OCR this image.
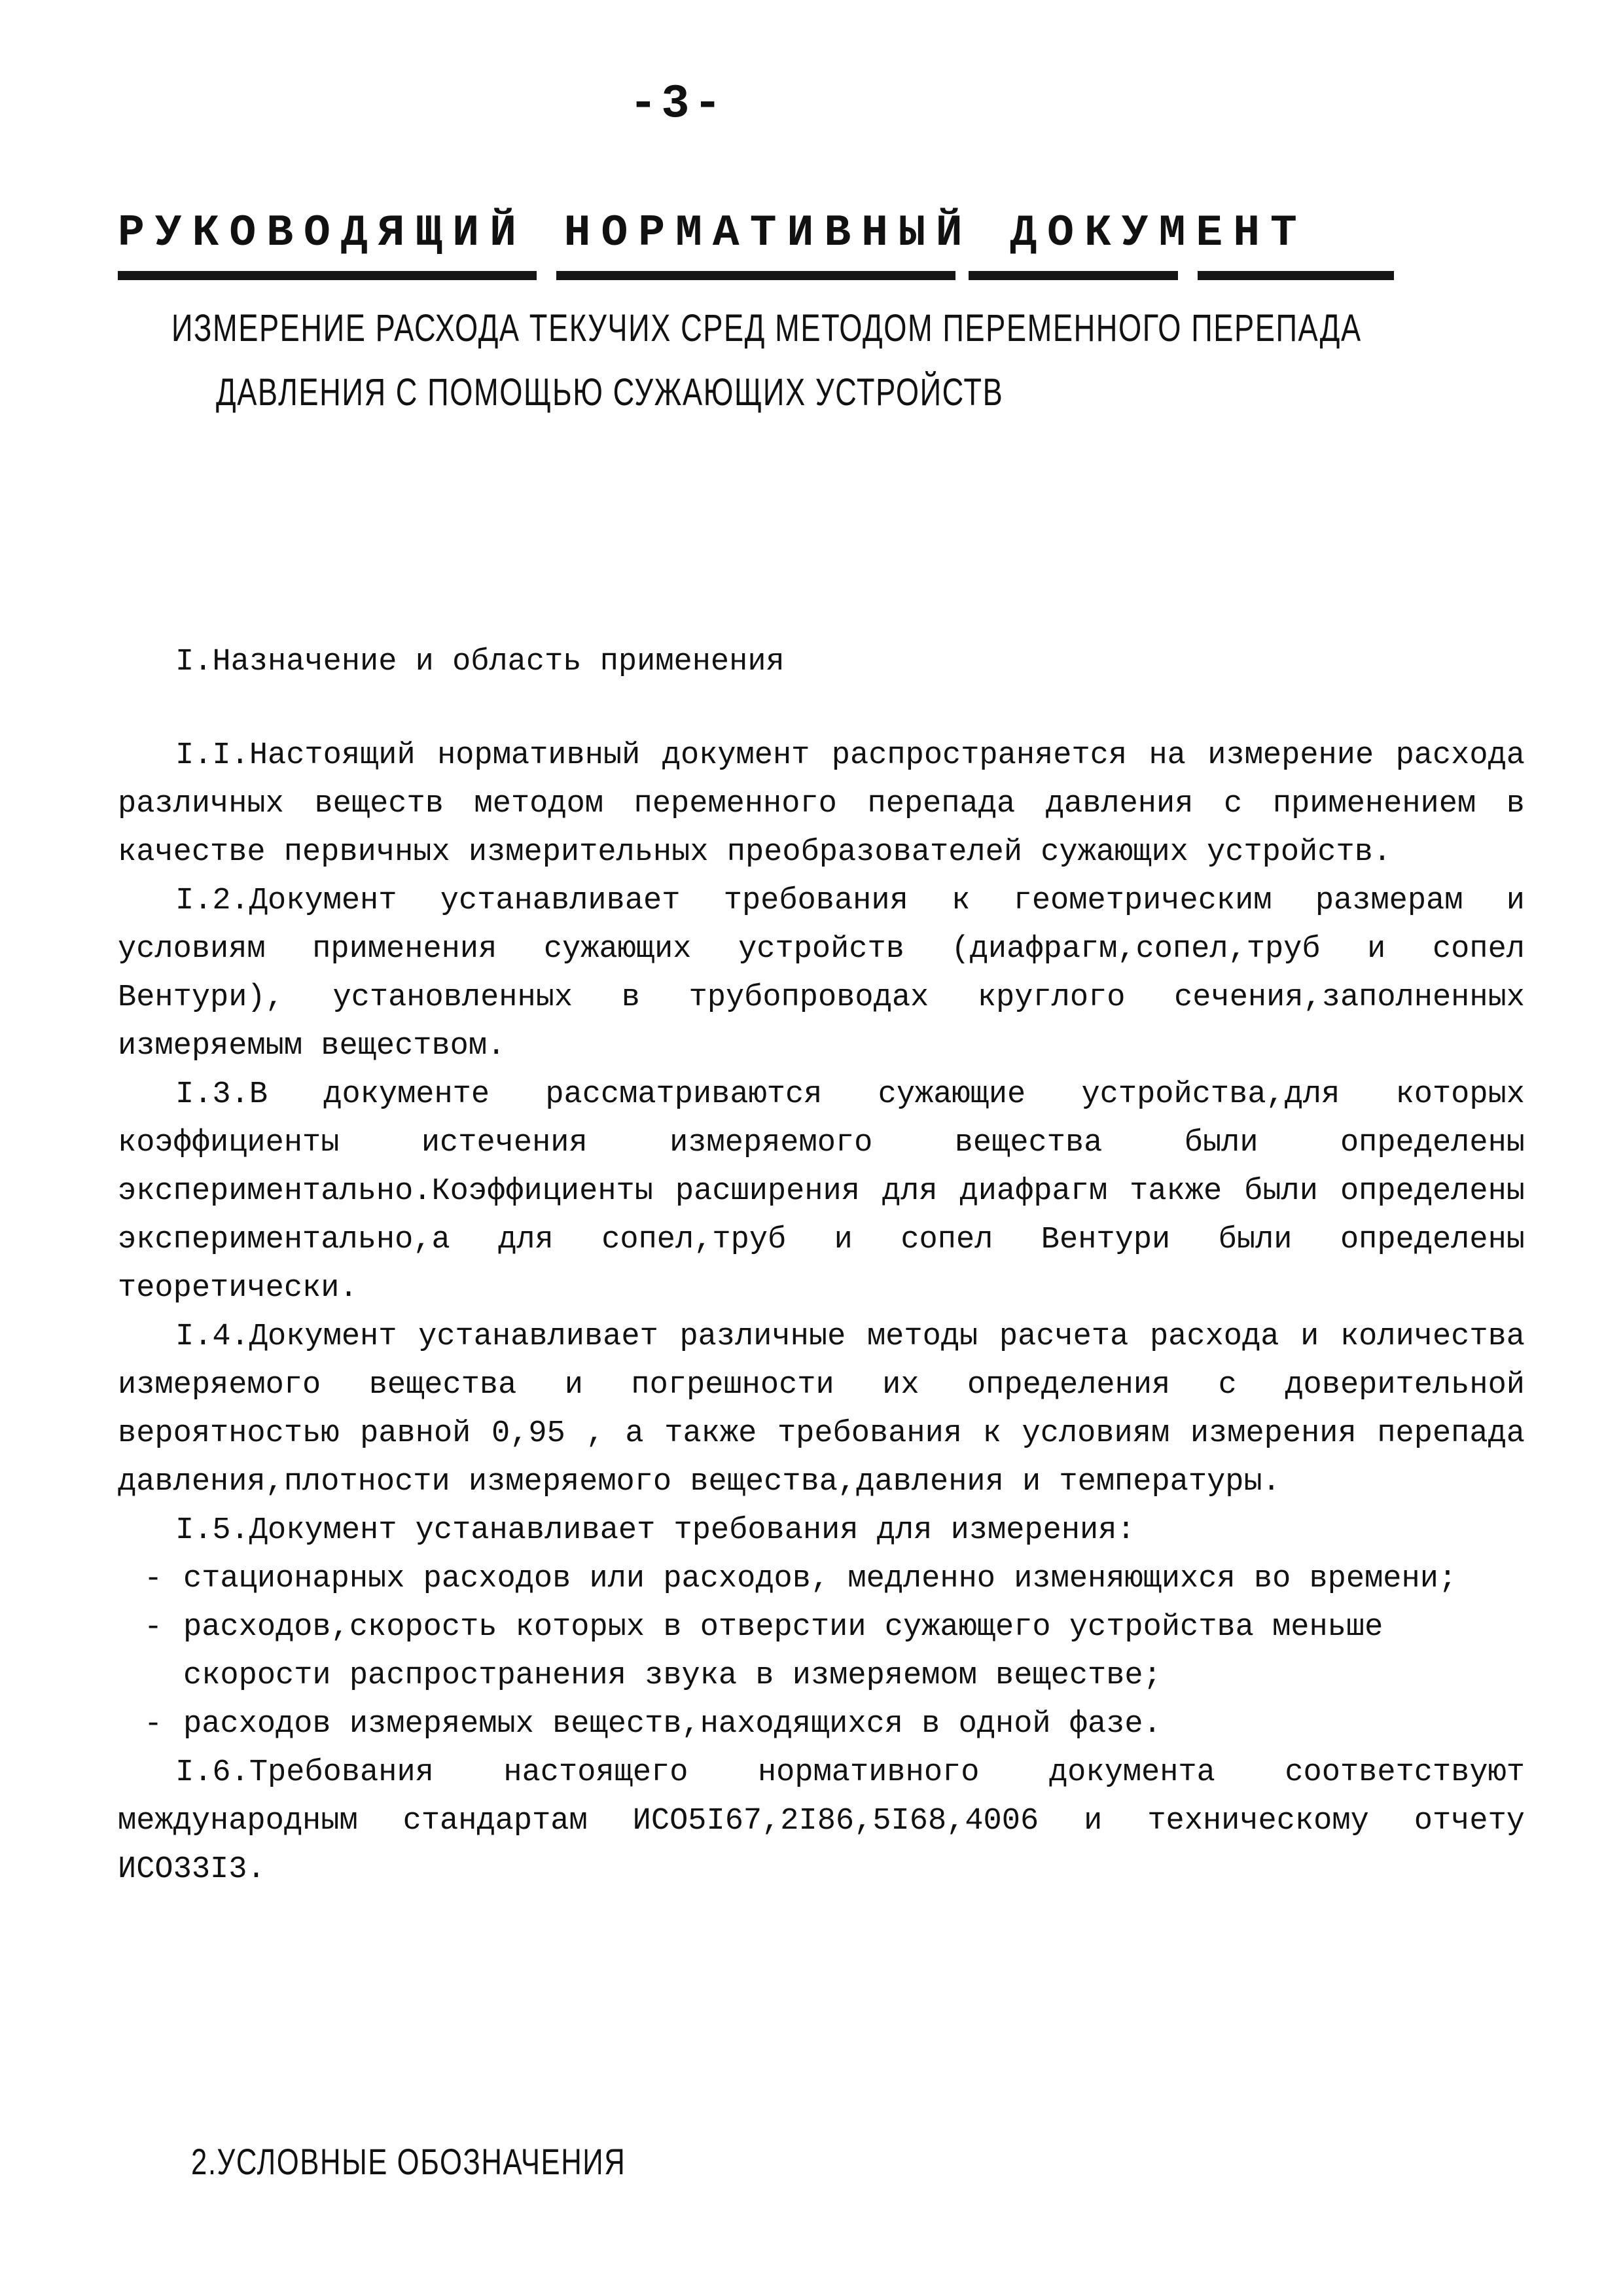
-3-
РУКОВОДЯЩИЙ НОРМАТИВНЫЙ ДОКУМЕНТ
ИЗМЕРЕНИЕ РАСХОДА ТЕКУЧИХ СРЕД МЕТОДОМ ПЕРЕМЕННОГО ПЕРЕПАДА
ДАВЛЕНИЯ С ПОМОЩЬЮ СУЖАЮЩИХ УСТРОЙСТВ
I.Назначение и область применения

I.I.Настоящий нормативный документ распространяется на измерение расхода различных веществ методом переменного перепада давления с применением в качестве первичных измерительных преобразователей сужающих устройств.

I.2.Документ устанавливает требования к геометрическим размерам и условиям применения сужающих устройств (диафрагм,сопел,труб и сопел Вентури), установленных в трубопроводах круглого сечения,заполненных измеряемым веществом.

I.3.В документе рассматриваются сужающие устройства,для которых коэффициенты истечения измеряемого вещества были определены экспериментально.Коэффициенты расширения для диафрагм также были определены экспериментально,а для сопел,труб и сопел Вентури были определены теоретически.

I.4.Документ устанавливает различные методы расчета расхода и количества измеряемого вещества и погрешности их определения с доверительной вероятностью равной 0,95 , а также требования к условиям измерения перепада давления,плотности измеряемого вещества,давления и температуры.

I.5.Документ устанавливает требования для измерения:

- стационарных расходов или расходов, медленно изменяющихся во времени;

- расходов,скорость которых в отверстии сужающего устройства меньше скорости распространения звука в измеряемом веществе;

- расходов измеряемых веществ,находящихся в одной фазе.

I.6.Требования настоящего нормативного документа соответствуют международным стандартам ИСО5I67,2I86,5I68,4006 и техническому отчету ИСО33I3.

2.УСЛОВНЫЕ ОБОЗНАЧЕНИЯ
